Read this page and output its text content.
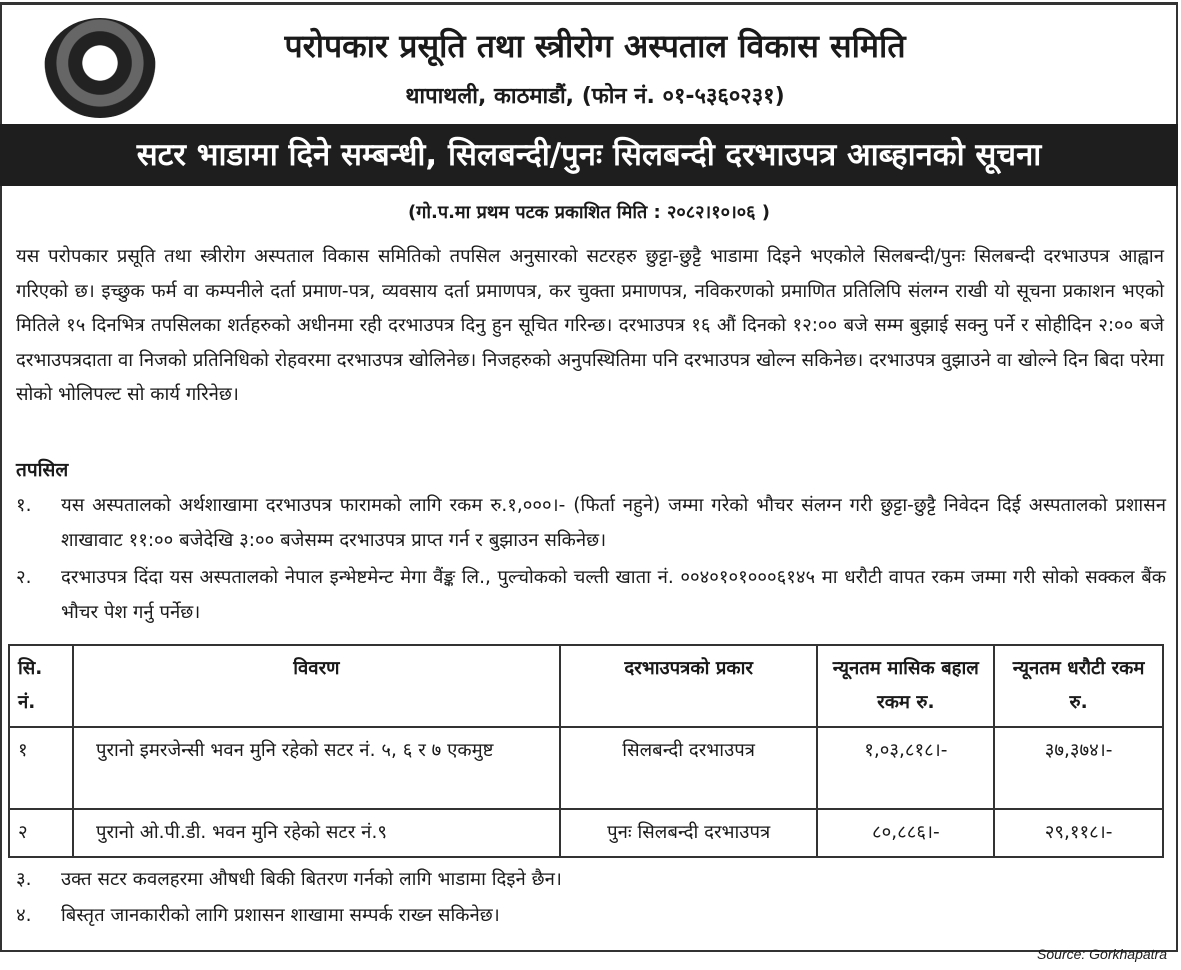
परोपकार प्रसूति तथा स्त्रीरोग अस्पताल विकास समिति
थापाथली, काठमाडौं, (फोन नं. ०१-५३६०२३१)
सटर भाडामा दिने सम्बन्धी, सिलबन्दी/पुनः सिलबन्दी दरभाउपत्र आब्हानको सूचना
(गो.प.मा प्रथम पटक प्रकाशित मिति : २०८२।१०।०६ )
यस परोपकार प्रसूति तथा स्त्रीरोग अस्पताल विकास समितिको तपसिल अनुसारको सटरहरु छुट्टा-छुट्टै भाडामा दिइने भएकोले सिलबन्दी/पुनः सिलबन्दी दरभाउपत्र आह्वान गरिएको छ। इच्छुक फर्म वा कम्पनीले दर्ता प्रमाण-पत्र, व्यवसाय दर्ता प्रमाणपत्र, कर चुक्ता प्रमाणपत्र, नविकरणको प्रमाणित प्रतिलिपि संलग्न राखी यो सूचना प्रकाशन भएको मितिले १५ दिनभित्र तपसिलका शर्तहरुको अधीनमा रही दरभाउपत्र दिनु हुन सूचित गरिन्छ। दरभाउपत्र १६ औं दिनको १२:०० बजे सम्म बुझाई सक्नु पर्ने र सोहीदिन २:०० बजे दरभाउपत्रदाता वा निजको प्रतिनिधिको रोहवरमा दरभाउपत्र खोलिनेछ। निजहरुको अनुपस्थितिमा पनि दरभाउपत्र खोल्न सकिनेछ। दरभाउपत्र वुझाउने वा खोल्ने दिन बिदा परेमा सोको भोलिपल्ट सो कार्य गरिनेछ।
तपसिल
१.	यस अस्पतालको अर्थशाखामा दरभाउपत्र फारामको लागि रकम रु.१,०००।- (फिर्ता नहुने) जम्मा गरेको भौचर संलग्न गरी छुट्टा-छुट्टै निवेदन दिई अस्पतालको प्रशासन शाखावाट ११:०० बजेदेखि ३:०० बजेसम्म दरभाउपत्र प्राप्त गर्न र बुझाउन सकिनेछ।
२.	दरभाउपत्र दिंदा यस अस्पतालको नेपाल इन्भेष्टमेन्ट मेगा वैंङ्क लि., पुल्चोकको चल्ती खाता नं. ००४०१०१०००६१४५ मा धरौटी वापत रकम जम्मा गरी सोको सक्कल बैंक भौचर पेश गर्नु पर्नेछ।
सि. नं.	विवरण	दरभाउपत्रको प्रकार	न्यूनतम मासिक बहाल रकम रु.	न्यूनतम धरौटी रकम रु.
१	पुरानो इमरजेन्सी भवन मुनि रहेको सटर नं. ५, ६ र ७ एकमुष्ट	सिलबन्दी दरभाउपत्र	१,०३,८१८।-	३७,३७४।-
२	पुरानो ओ.पी.डी. भवन मुनि रहेको सटर नं.९	पुनः सिलबन्दी दरभाउपत्र	८०,८८६।-	२९,११८।-
३.	उक्त सटर कवलहरमा औषधी बिकी बितरण गर्नको लागि भाडामा दिइने छैन।
४.	बिस्तृत जानकारीको लागि प्रशासन शाखामा सम्पर्क राख्न सकिनेछ।
Source: Gorkhapatra
